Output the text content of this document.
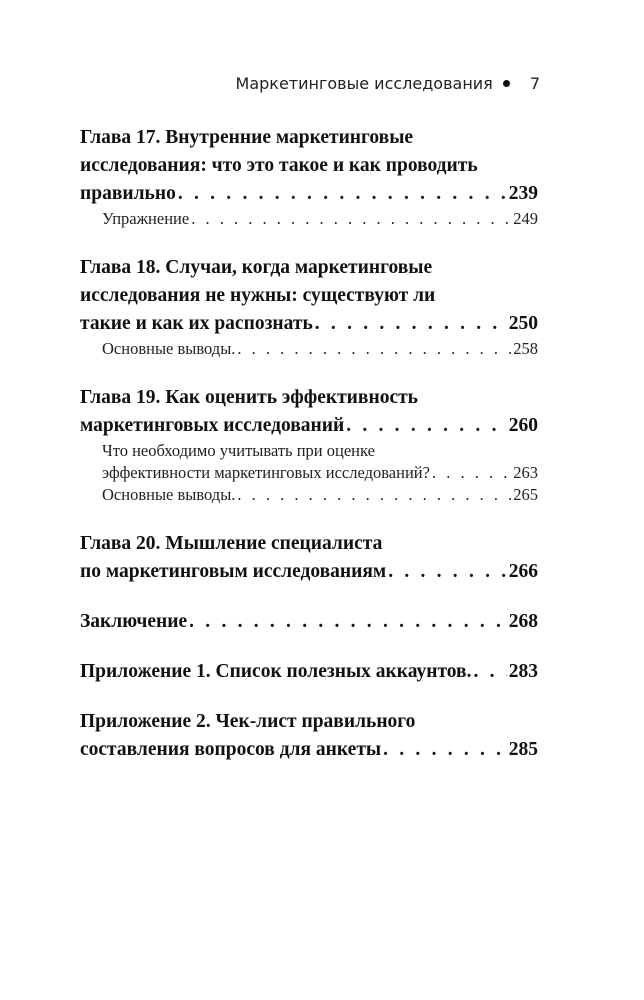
Маркетинговые исследования 7
Глава 17. Внутренние маркетинговые
исследования: что это такое и как проводить
правильно . . .	239
Упражнение . . .	249
Глава 18. Случаи, когда маркетинговые
исследования не нужны: существуют ли
такие и как их распознать . . .	250
Основные выводы. . . .	258
Глава 19. Как оценить эффективность
маркетинговых исследований . . .	260
Что необходимо учитывать при оценке
эффективности маркетинговых исследований? . . .	263
Основные выводы. . . .	265
Глава 20. Мышление специалиста
по маркетинговым исследованиям . . .	266
Заключение . . .	268
Приложение 1. Список полезных аккаунтов. . . . 283
Приложение 2. Чек-лист правильного
составления вопросов для анкеты . . .	285
